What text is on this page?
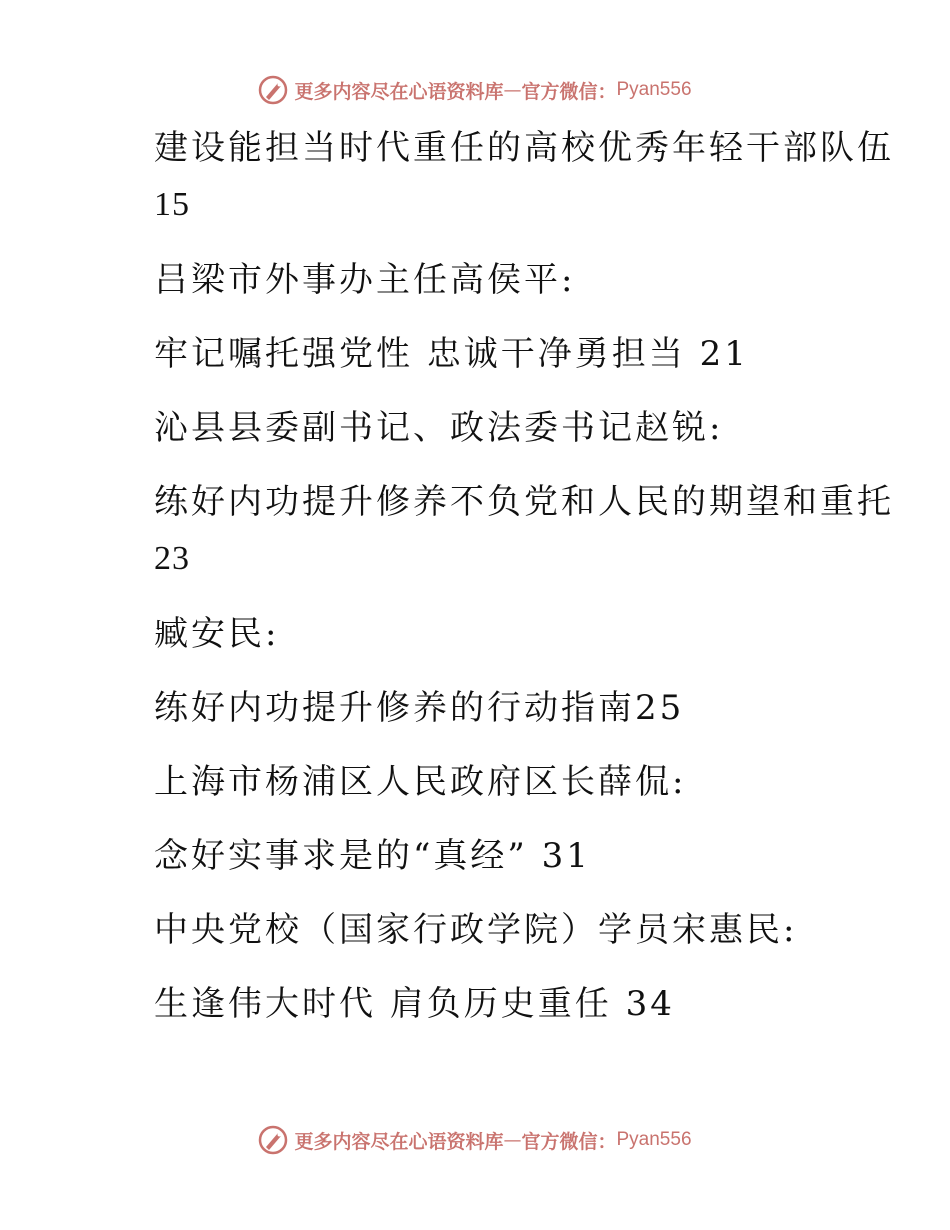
更多内容尽在心语资料库 — 官方微信： Pyan556
建设能担当时代重任的高校优秀年轻干部队伍
15
吕梁市外事办主任高侯平:
牢记嘱托强党性 忠诚干净勇担当 21
沁县县委副书记、政法委书记赵锐:
练好内功提升修养不负党和人民的期望和重托
23
臧安民:
练好内功提升修养的行动指南25
上海市杨浦区人民政府区长薛侃:
念好实事求是的“真经” 31
中央党校（国家行政学院）学员宋惠民:
生逢伟大时代 肩负历史重任 34
更多内容尽在心语资料库 — 官方微信： Pyan556
